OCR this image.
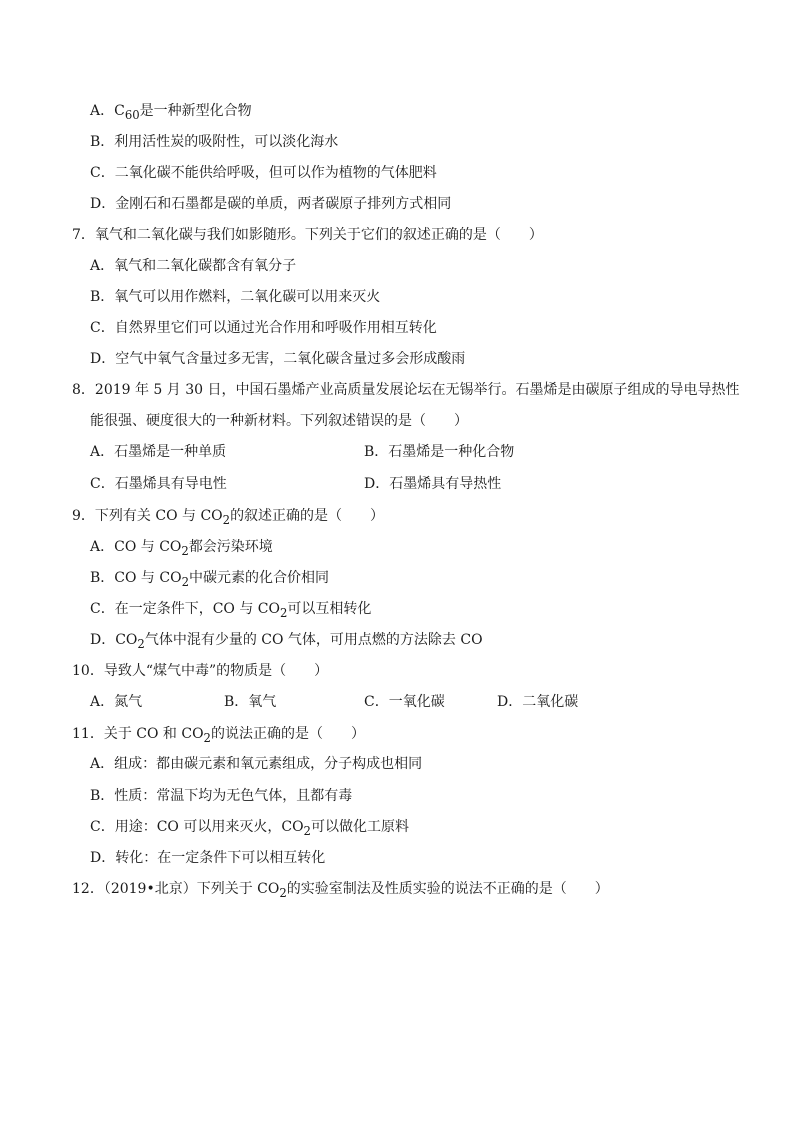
A．$C_{60}$是一种新型化合物
B．利用活性炭的吸附性，可以淡化海水
C．二氧化碳不能供给呼吸，但可以作为植物的气体肥料
D．金刚石和石墨都是碳的单质，两者碳原子排列方式相同
7．氧气和二氧化碳与我们如影随形。下列关于它们的叙述正确的是（　　）
A．氧气和二氧化碳都含有氧分子
B．氧气可以用作燃料，二氧化碳可以用来灭火
C．自然界里它们可以通过光合作用和呼吸作用相互转化
D．空气中氧气含量过多无害，二氧化碳含量过多会形成酸雨
8．2019 年 5 月 30 日，中国石墨烯产业高质量发展论坛在无锡举行。石墨烯是由碳原子组成的导电导热性
能很强、硬度很大的一种新材料。下列叙述错误的是（　　）
A．石墨烯是一种单质	B．石墨烯是一种化合物
C．石墨烯具有导电性	D．石墨烯具有导热性
9．下列有关 CO 与 $CO_2$的叙述正确的是（　　）
A．CO 与 $CO_2$都会污染环境
B．CO 与 $CO_2$中碳元素的化合价相同
C．在一定条件下，CO 与 $CO_2$可以互相转化
D．$CO_2$气体中混有少量的 CO 气体，可用点燃的方法除去 CO
10．导致人“煤气中毒”的物质是（　　）
A．氮气	B．氧气	C．一氧化碳	D．二氧化碳
11．关于 CO 和 $CO_2$的说法正确的是（　　）
A．组成：都由碳元素和氧元素组成，分子构成也相同
B．性质：常温下均为无色气体，且都有毒
C．用途：CO 可以用来灭火，$CO_2$可以做化工原料
D．转化：在一定条件下可以相互转化
12．（2019•北京）下列关于 $CO_2$的实验室制法及性质实验的说法不正确的是（　　）
